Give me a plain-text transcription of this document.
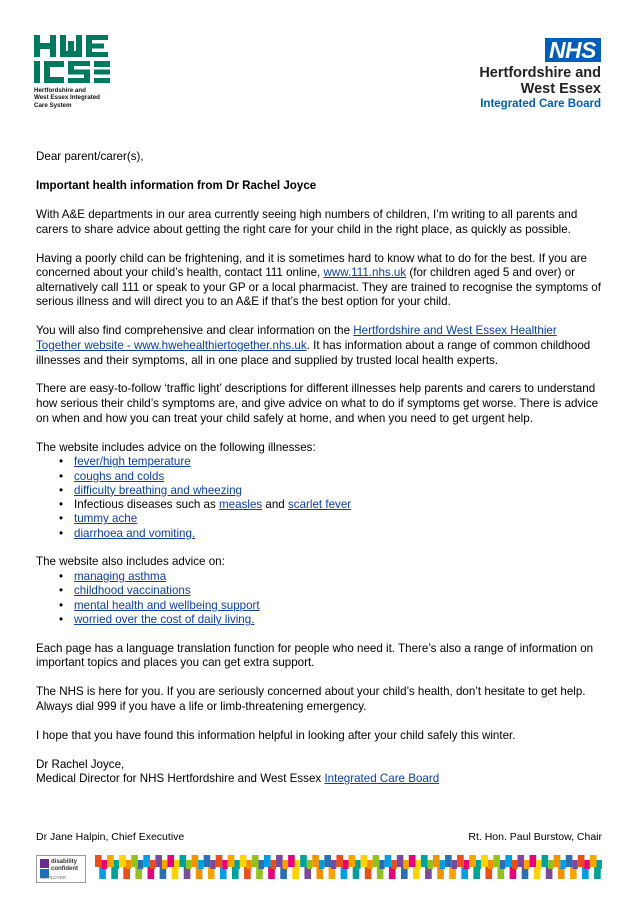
Hertfordshire and
West Essex Integrated
Care System
NHS
Hertfordshire and
West Essex
Integrated Care Board

Dear parent/carer(s),

Important health information from Dr Rachel Joyce

With A&E departments in our area currently seeing high numbers of children, I’m writing to all parents and carers to share advice about getting the right care for your child in the right place, as quickly as possible.

Having a poorly child can be frightening, and it is sometimes hard to know what to do for the best. If you are concerned about your child’s health, contact 111 online, www.111.nhs.uk (for children aged 5 and over) or alternatively call 111 or speak to your GP or a local pharmacist. They are trained to recognise the symptoms of serious illness and will direct you to an A&E if that’s the best option for your child.

You will also find comprehensive and clear information on the Hertfordshire and West Essex Healthier Together website - www.hwehealthiertogether.nhs.uk. It has information about a range of common childhood illnesses and their symptoms, all in one place and supplied by trusted local health experts.

There are easy-to-follow ‘traffic light’ descriptions for different illnesses help parents and carers to understand how serious their child’s symptoms are, and give advice on what to do if symptoms get worse. There is advice on when and how you can treat your child safely at home, and when you need to get urgent help.

The website includes advice on the following illnesses:
• fever/high temperature
• coughs and colds
• difficulty breathing and wheezing
• Infectious diseases such as measles and scarlet fever
• tummy ache
• diarrhoea and vomiting.
The website also includes advice on:
• managing asthma
• childhood vaccinations
• mental health and wellbeing support
• worried over the cost of daily living.

Each page has a language translation function for people who need it. There’s also a range of information on important topics and places you can get extra support.

The NHS is here for you. If you are seriously concerned about your child’s health, don’t hesitate to get help. Always dial 999 if you have a life or limb-threatening emergency.

I hope that you have found this information helpful in looking after your child safely this winter.

Dr Rachel Joyce,

Medical Director for NHS Hertfordshire and West Essex Integrated Care Board

Dr Jane Halpin, Chief Executive	Rt. Hon. Paul Burstow, Chair
disability
confident
EMPLOYER
